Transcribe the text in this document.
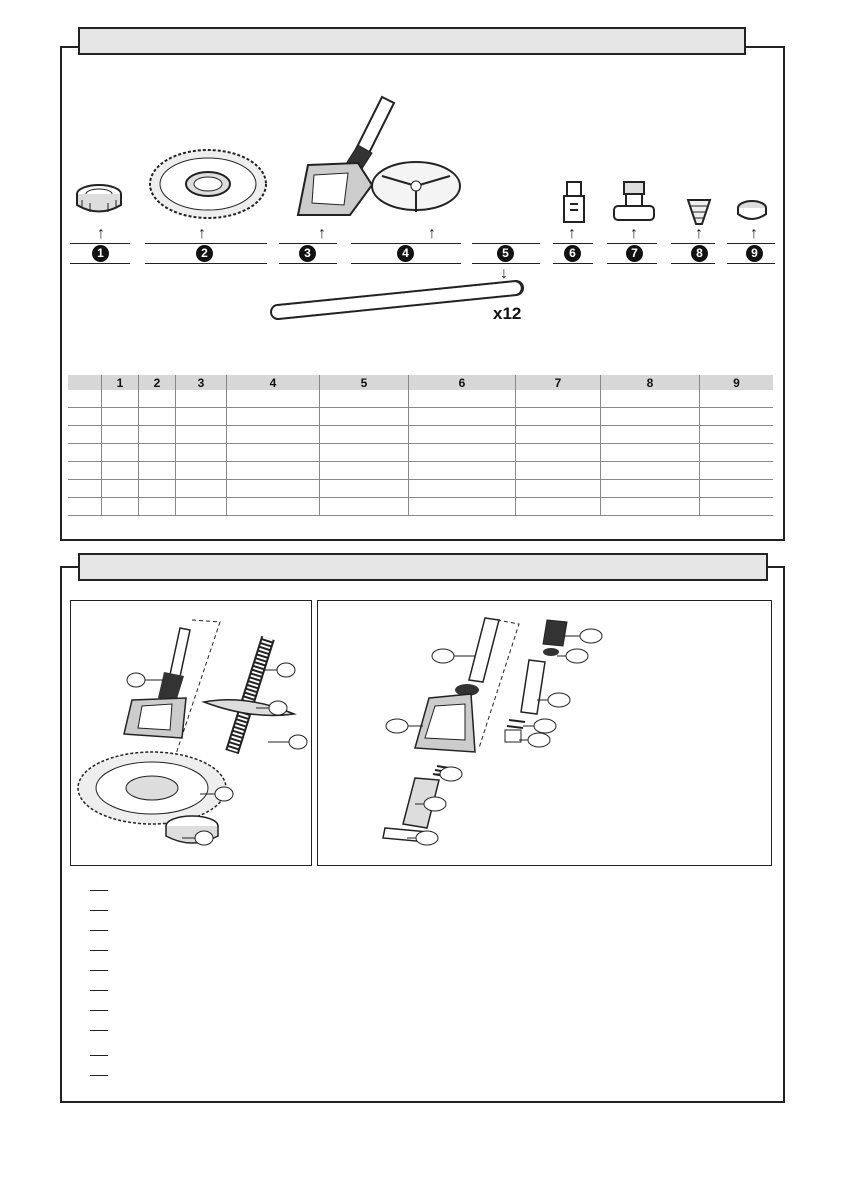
↑	↑	↑	↑	↑	↑	↑	↑
1	2	3	4	5	6	7	8	9
↓
x12
	1	2	3	4	5	6	7	8	9
